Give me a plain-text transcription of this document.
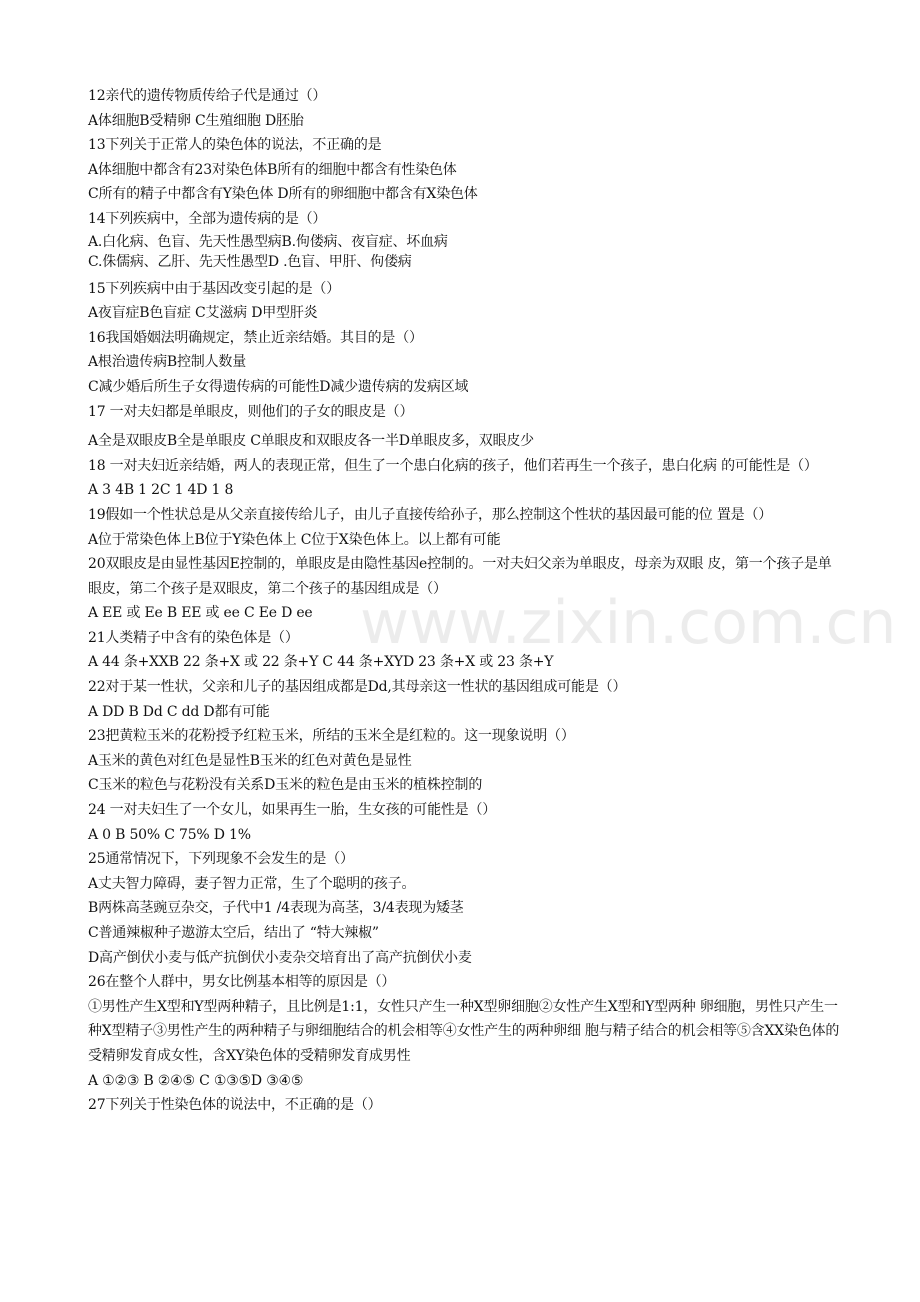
www.zixin.com.cn
12亲代的遗传物质传给子代是通过（）
A体细胞B受精卵 C生殖细胞 D胚胎
13下列关于正常人的染色体的说法，不正确的是
A体细胞中都含有23对染色体B所有的细胞中都含有性染色体
C所有的精子中都含有Y染色体 D所有的卵细胞中都含有X染色体
14下列疾病中，全部为遗传病的是（）
A.白化病、色盲、先天性愚型病B.佝偻病、夜盲症、坏血病
C.侏儒病、乙肝、先天性愚型D .色盲、甲肝、佝偻病
15下列疾病中由于基因改变引起的是（）
A夜盲症B色盲症 C艾滋病 D甲型肝炎
16我国婚姻法明确规定，禁止近亲结婚。其目的是（）
A根治遗传病B控制人数量
C减少婚后所生子女得遗传病的可能性D减少遗传病的发病区域
17 一对夫妇都是单眼皮，则他们的子女的眼皮是（）
A全是双眼皮B全是单眼皮 C单眼皮和双眼皮各一半D单眼皮多，双眼皮少
18 一对夫妇近亲结婚，两人的表现正常，但生了一个患白化病的孩子，他们若再生一个孩子，患白化病 的可能性是（）
A 3 4B 1 2C 1 4D 1 8
19假如一个性状总是从父亲直接传给儿子，由儿子直接传给孙子，那么控制这个性状的基因最可能的位 置是（）
A位于常染色体上B位于Y染色体上 C位于X染色体上。以上都有可能
20双眼皮是由显性基因E控制的，单眼皮是由隐性基因e控制的。一对夫妇父亲为单眼皮，母亲为双眼 皮，第一个孩子是单眼皮，第二个孩子是双眼皮，第二个孩子的基因组成是（）
A EE 或 Ee B EE 或 ee C Ee D ee
21人类精子中含有的染色体是（）
A 44 条+XXB 22 条+X 或 22 条+Y C 44 条+XYD 23 条+X 或 23 条+Y
22对于某一性状，父亲和儿子的基因组成都是Dd,其母亲这一性状的基因组成可能是（）
A DD B Dd C dd D都有可能
23把黄粒玉米的花粉授予红粒玉米，所结的玉米全是红粒的。这一现象说明（）
A玉米的黄色对红色是显性B玉米的红色对黄色是显性
C玉米的粒色与花粉没有关系D玉米的粒色是由玉米的植株控制的
24 一对夫妇生了一个女儿，如果再生一胎，生女孩的可能性是（）
A 0 B 50% C 75% D 1%
25通常情况下，下列现象不会发生的是（）
A丈夫智力障碍，妻子智力正常，生了个聪明的孩子。
B两株高茎豌豆杂交，子代中1 /4表现为高茎，3/4表现为矮茎
C普通辣椒种子遨游太空后，结出了 “特大辣椒”
D高产倒伏小麦与低产抗倒伏小麦杂交培育出了高产抗倒伏小麦
26在整个人群中，男女比例基本相等的原因是（）
①男性产生X型和Y型两种精子，且比例是1:1，女性只产生一种X型卵细胞②女性产生X型和Y型两种 卵细胞，男性只产生一种X型精子③男性产生的两种精子与卵细胞结合的机会相等④女性产生的两种卵细 胞与精子结合的机会相等⑤含XX染色体的受精卵发育成女性，含XY染色体的受精卵发育成男性
A ①②③ B ②④⑤ C ①③⑤D ③④⑤
27下列关于性染色体的说法中，不正确的是（）
